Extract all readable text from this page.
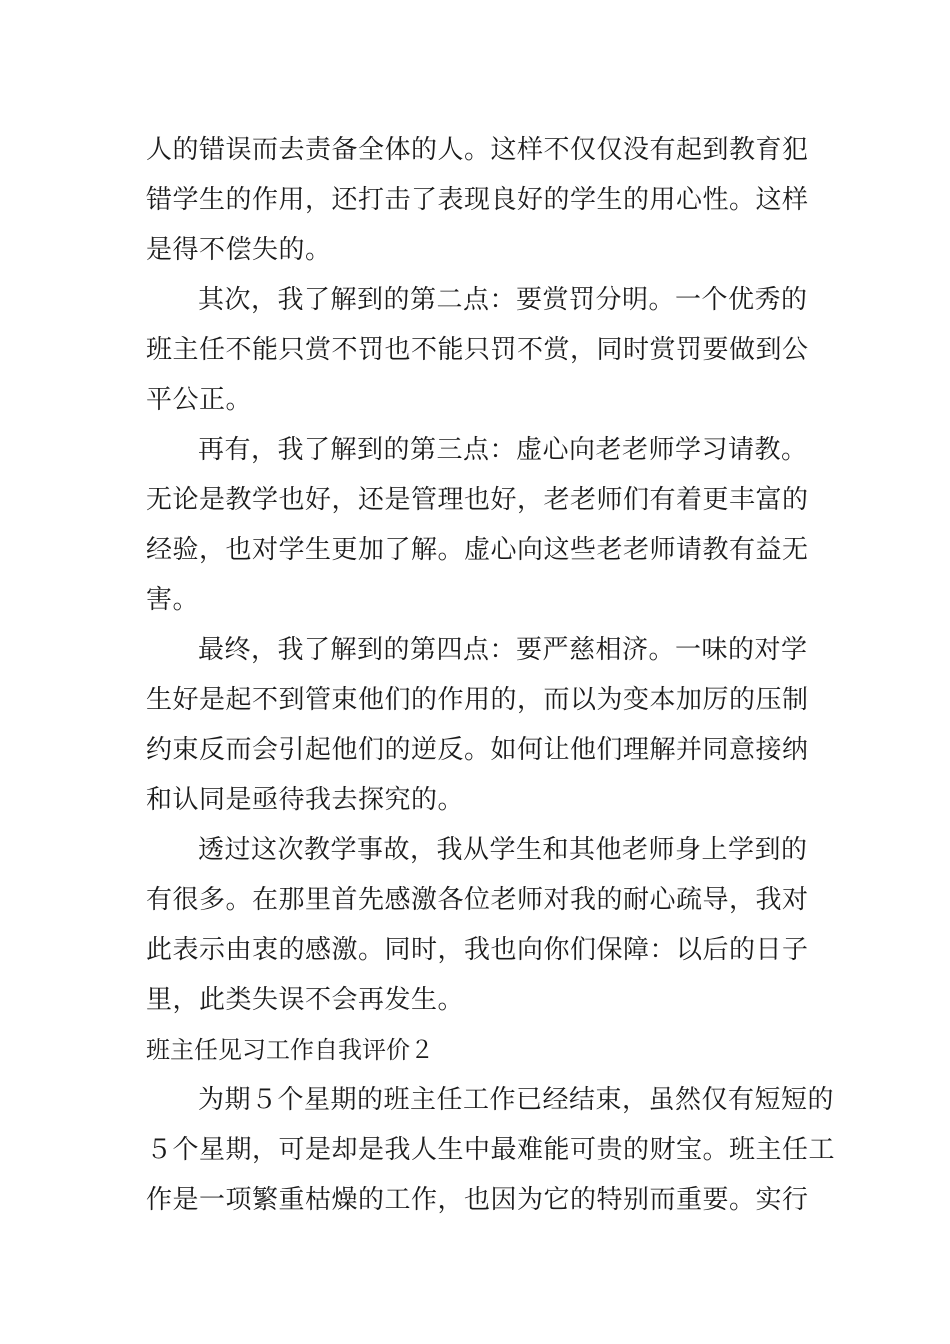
人的错误而去责备全体的人。这样不仅仅没有起到教育犯
错学生的作用，还打击了表现良好的学生的用心性。这样
是得不偿失的。
其次，我了解到的第二点：要赏罚分明。一个优秀的
班主任不能只赏不罚也不能只罚不赏，同时赏罚要做到公
平公正。
再有，我了解到的第三点：虚心向老老师学习请教。
无论是教学也好，还是管理也好，老老师们有着更丰富的
经验，也对学生更加了解。虚心向这些老老师请教有益无
害。
最终，我了解到的第四点：要严慈相济。一味的对学
生好是起不到管束他们的作用的，而以为变本加厉的压制
约束反而会引起他们的逆反。如何让他们理解并同意接纳
和认同是亟待我去探究的。
透过这次教学事故，我从学生和其他老师身上学到的
有很多。在那里首先感激各位老师对我的耐心疏导，我对
此表示由衷的感激。同时，我也向你们保障：以后的日子
里，此类失误不会再发生。
班主任见习工作自我评价２
为期５个星期的班主任工作已经结束，虽然仅有短短的
５个星期，可是却是我人生中最难能可贵的财宝。班主任工
作是一项繁重枯燥的工作，也因为它的特别而重要。实行
